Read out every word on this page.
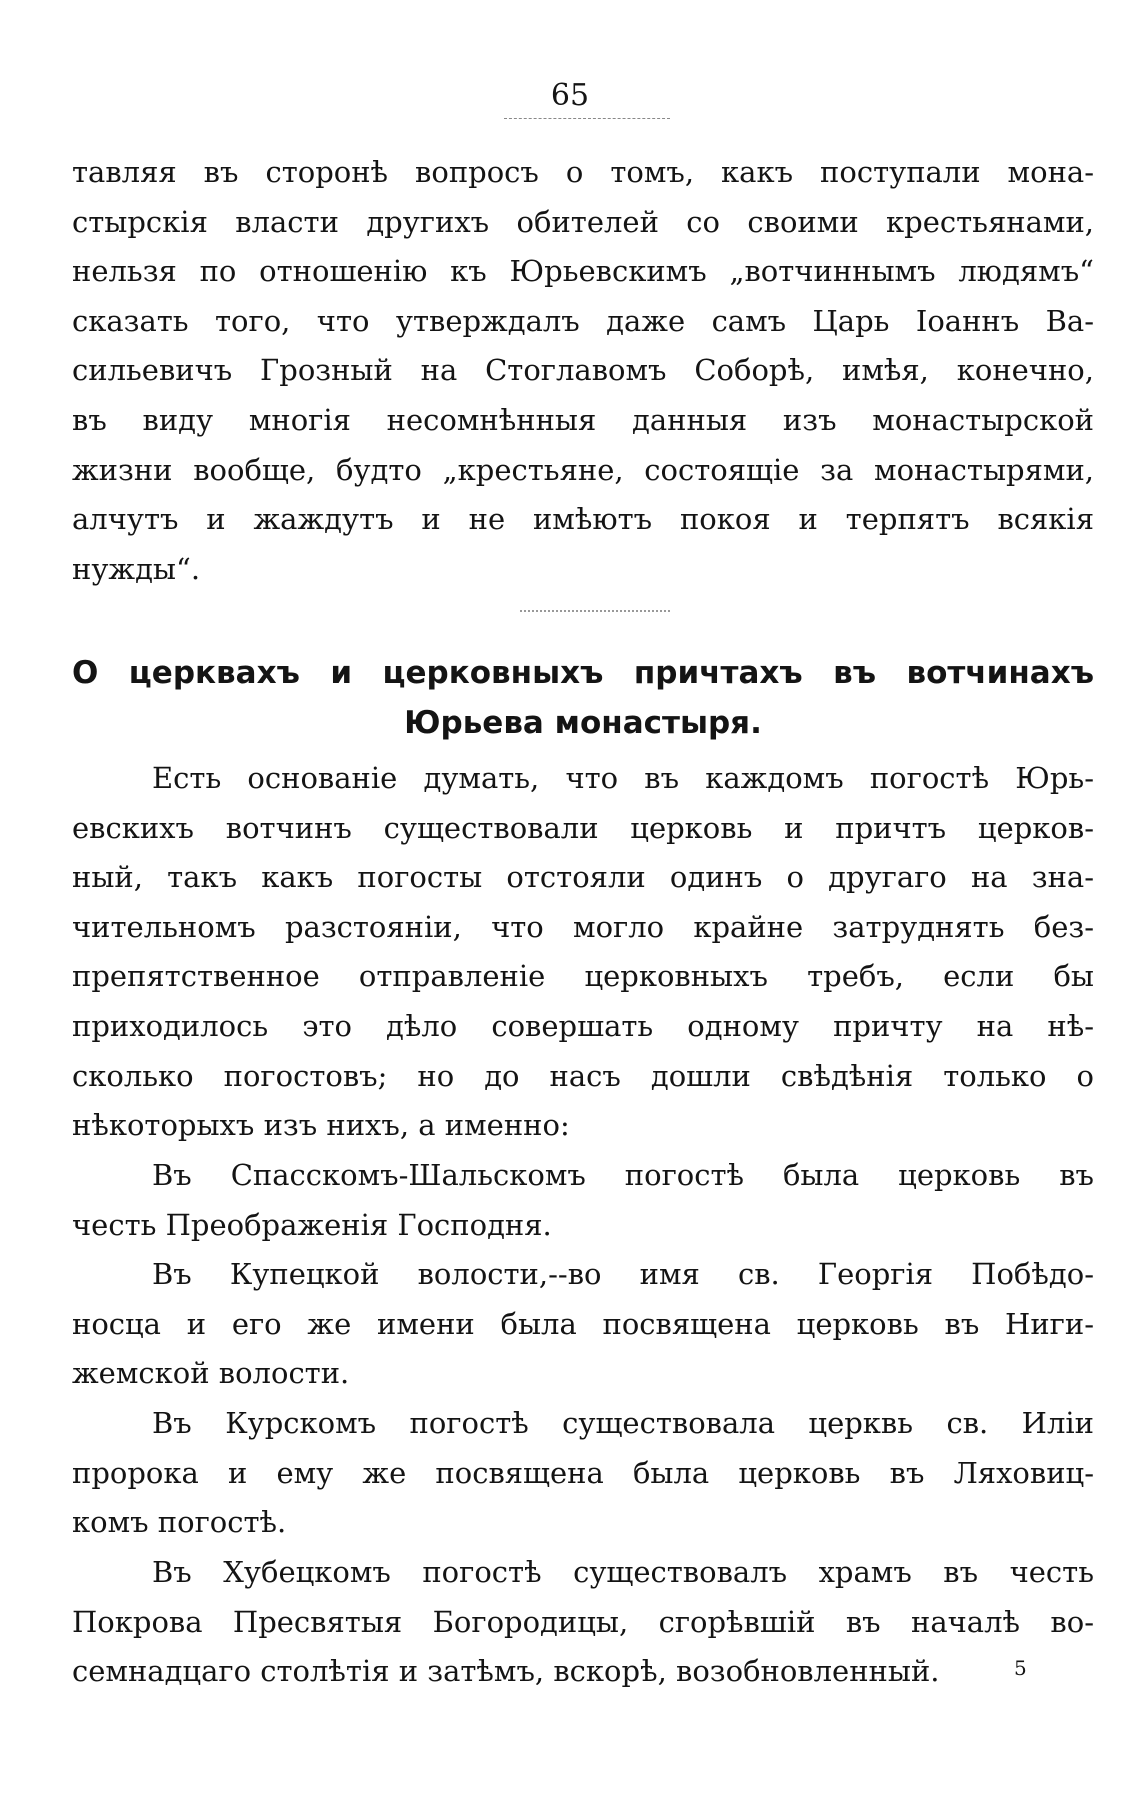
65

тавляя въ сторонѣ вопросъ о томъ, какъ поступали мона-
стырскія власти другихъ обителей со своими крестьянами,
нельзя по отношенію къ Юрьевскимъ „вотчиннымъ людямъ“
сказать того, что утверждалъ даже самъ Царь Іоаннъ Ва-
сильевичъ Грозный на Стоглавомъ Соборѣ, имѣя, конечно,
въ виду многія несомнѣнныя данныя изъ монастырской
жизни вообще, будто „крестьяне, состоящіе за монастырями,
алчутъ и жаждутъ и не имѣютъ покоя и терпятъ всякія
нужды“.

О церквахъ и церковныхъ причтахъ въ вотчинахъ
Юрьева монастыря.

Есть основаніе думать, что въ каждомъ погостѣ Юрь-
евскихъ вотчинъ существовали церковь и причтъ церков-
ный, такъ какъ погосты отстояли одинъ о другаго на зна-
чительномъ разстояніи, что могло крайне затруднять без-
препятственное отправленіе церковныхъ требъ, если бы
приходилось это дѣло совершать одному причту на нѣ-
сколько погостовъ; но до насъ дошли свѣдѣнія только о
нѣкоторыхъ изъ нихъ, а именно:

Въ Спасскомъ-Шальскомъ погостѣ была церковь въ
честь Преображенія Господня.

Въ Купецкой волости,--во имя св. Георгія Побѣдо-
носца и его же имени была посвящена церковь въ Ниги-
жемской волости.

Въ Курскомъ погостѣ существовала церквь св. Иліи
пророка и ему же посвящена была церковь въ Ляховиц-
комъ погостѣ.

Въ Хубецкомъ погостѣ существовалъ храмъ въ честь
Покрова Пресвятыя Богородицы, сгорѣвшій въ началѣ во-
семнадцаго столѣтія и затѣмъ, вскорѣ, возобновленный.	5
